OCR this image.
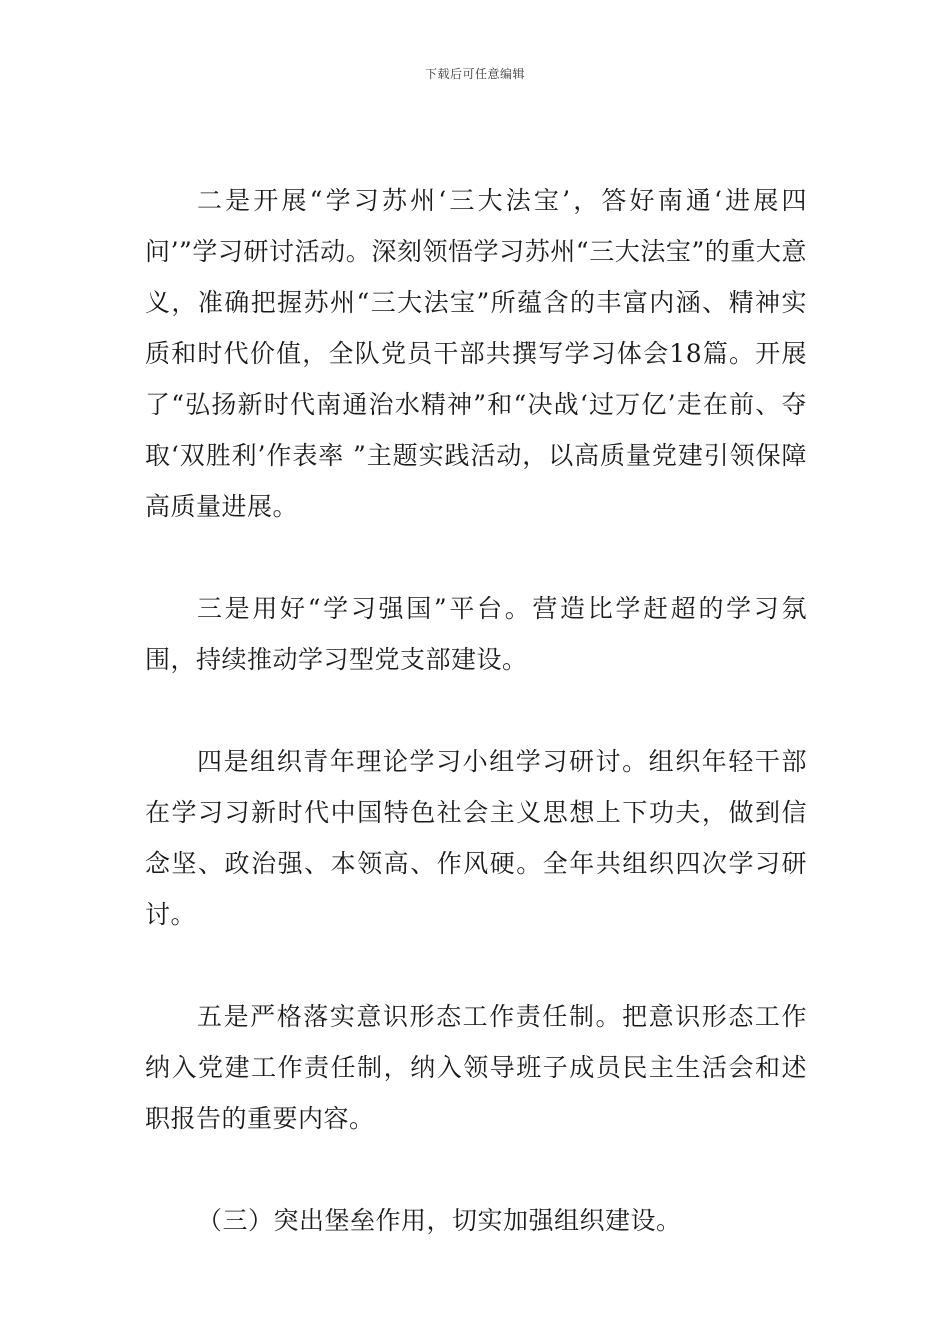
下载后可任意编辑

二是开展“学习苏州‘三大法宝’，答好南通‘进展四问’”学习研讨活动。深刻领悟学习苏州“三大法宝”的重大意义，准确把握苏州“三大法宝”所蕴含的丰富内涵、精神实质和时代价值，全队党员干部共撰写学习体会18篇。开展了“弘扬新时代南通治水精神”和“决战‘过万亿’走在前、夺取‘双胜利’作表率 ”主题实践活动，以高质量党建引领保障高质量进展。

三是用好“学习强国”平台。营造比学赶超的学习氛围，持续推动学习型党支部建设。

四是组织青年理论学习小组学习研讨。组织年轻干部在学习习新时代中国特色社会主义思想上下功夫，做到信念坚、政治强、本领高、作风硬。全年共组织四次学习研讨。

五是严格落实意识形态工作责任制。把意识形态工作纳入党建工作责任制，纳入领导班子成员民主生活会和述职报告的重要内容。

（三）突出堡垒作用，切实加强组织建设。
